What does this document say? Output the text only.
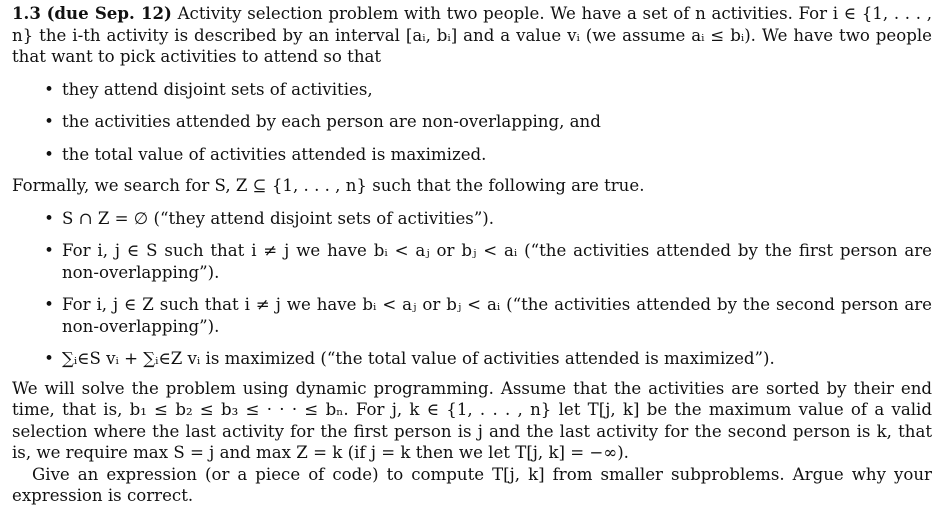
1.3 (due Sep. 12) Activity selection problem with two people. We have a set of n activities. For i ∈ {1, . . . , n} the i-th activity is described by an interval [aᵢ, bᵢ] and a value vᵢ (we assume aᵢ ≤ bᵢ). We have two people that want to pick activities to attend so that

• they attend disjoint sets of activities,
• the activities attended by each person are non-overlapping, and
• the total value of activities attended is maximized.

Formally, we search for S, Z ⊆ {1, . . . , n} such that the following are true.

• S ∩ Z = ∅ (“they attend disjoint sets of activities”).
• For i, j ∈ S such that i ≠ j we have bᵢ < aⱼ or bⱼ < aᵢ (“the activities attended by the first person are non-overlapping”).
• For i, j ∈ Z such that i ≠ j we have bᵢ < aⱼ or bⱼ < aᵢ (“the activities attended by the second person are non-overlapping”).
• ∑ᵢ∈S vᵢ + ∑ᵢ∈Z vᵢ is maximized (“the total value of activities attended is maximized”).

We will solve the problem using dynamic programming. Assume that the activities are sorted by their end time, that is, b₁ ≤ b₂ ≤ b₃ ≤ · · · ≤ bₙ. For j, k ∈ {1, . . . , n} let T[j, k] be the maximum value of a valid selection where the last activity for the first person is j and the last activity for the second person is k, that is, we require max S = j and max Z = k (if j = k then we let T[j, k] = −∞).

Give an expression (or a piece of code) to compute T[j, k] from smaller subproblems. Argue why your expression is correct.
